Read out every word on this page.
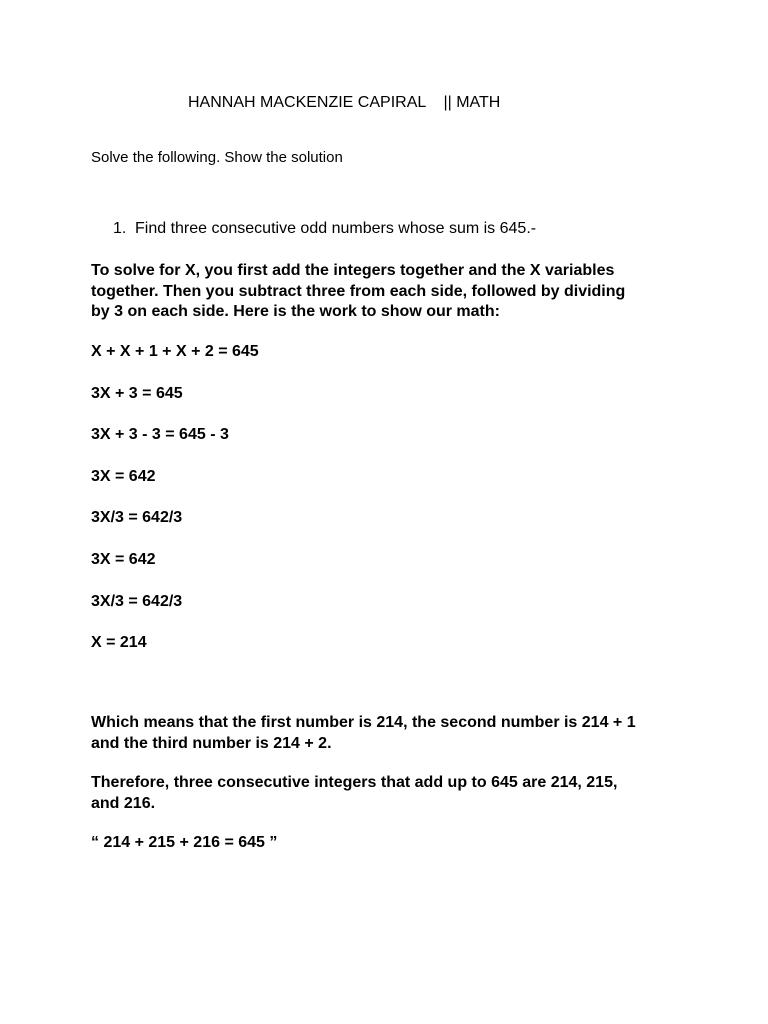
HANNAH MACKENZIE CAPIRAL    || MATH
Solve the following. Show the solution
1. Find three consecutive odd numbers whose sum is 645.-
To solve for X, you first add the integers together and the X variables
together. Then you subtract three from each side, followed by dividing
by 3 on each side. Here is the work to show our math:
X + X + 1 + X + 2 = 645
3X + 3 = 645
3X + 3 - 3 = 645 - 3
3X = 642
3X/3 = 642/3
3X = 642
3X/3 = 642/3
X = 214
Which means that the first number is 214, the second number is 214 + 1
and the third number is 214 + 2.
Therefore, three consecutive integers that add up to 645 are 214, 215,
and 216.
“ 214 + 215 + 216 = 645 ”
